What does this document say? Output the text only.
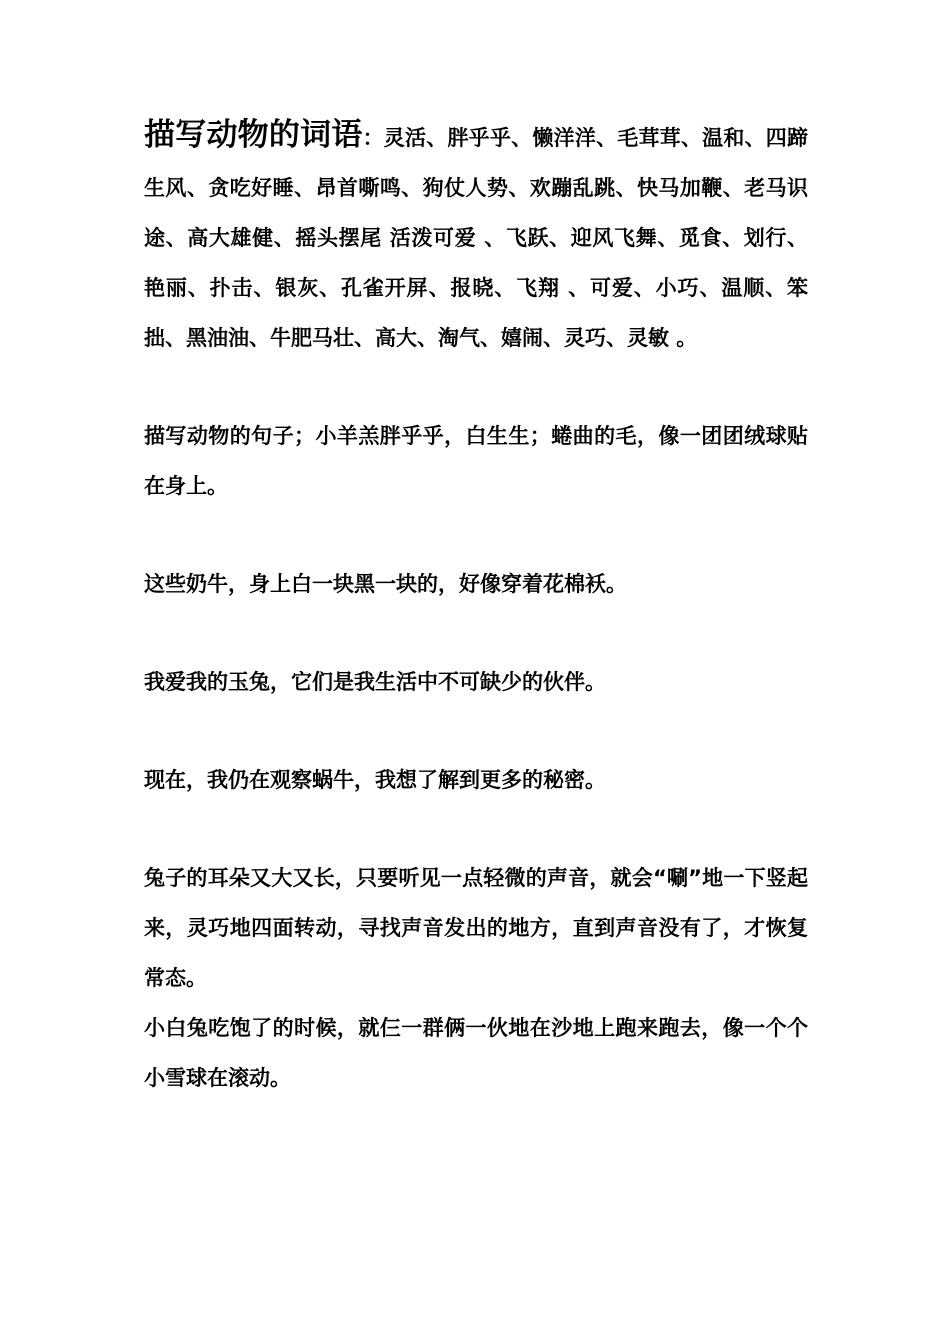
描写动物的词语：灵活、胖乎乎、懒洋洋、毛茸茸、温和、四蹄生风、贪吃好睡、昂首嘶鸣、狗仗人势、欢蹦乱跳、快马加鞭、老马识途、高大雄健、摇头摆尾 活泼可爱 、飞跃、迎风飞舞、觅食、划行、艳丽、扑击、银灰、孔雀开屏、报晓、飞翔 、可爱、小巧、温顺、笨拙、黑油油、牛肥马壮、高大、淘气、嬉闹、灵巧、灵敏 。

描写动物的句子；小羊羔胖乎乎，白生生；蜷曲的毛，像一团团绒球贴在身上。

这些奶牛，身上白一块黑一块的，好像穿着花棉袄。

我爱我的玉兔，它们是我生活中不可缺少的伙伴。

现在，我仍在观察蜗牛，我想了解到更多的秘密。

兔子的耳朵又大又长，只要听见一点轻微的声音，就会“唰”地一下竖起来，灵巧地四面转动，寻找声音发出的地方，直到声音没有了，才恢复常态。

小白兔吃饱了的时候，就仨一群俩一伙地在沙地上跑来跑去，像一个个小雪球在滚动。
